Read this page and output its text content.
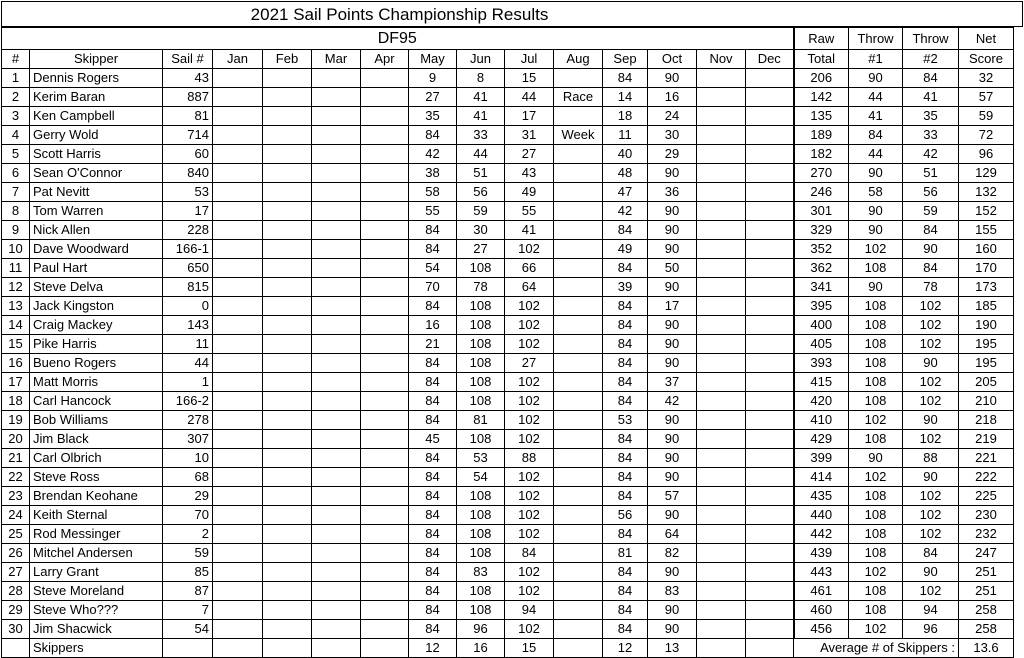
2021 Sail Points Championship Results
DF95															Raw	Throw	Throw	Net
#	Skipper	Sail #	Jan	Feb	Mar	Apr	May	Jun	Jul	Aug	Sep	Oct	Nov	Dec	Total	#1	#2	Score
1	Dennis Rogers	43					9	8	15		84	90			206	90	84	32
2	Kerim Baran	887					27	41	44	Race	14	16			142	44	41	57
3	Ken Campbell	81					35	41	17		18	24			135	41	35	59
4	Gerry Wold	714					84	33	31	Week	11	30			189	84	33	72
5	Scott Harris	60					42	44	27		40	29			182	44	42	96
6	Sean O'Connor	840					38	51	43		48	90			270	90	51	129
7	Pat Nevitt	53					58	56	49		47	36			246	58	56	132
8	Tom Warren	17					55	59	55		42	90			301	90	59	152
9	Nick Allen	228					84	30	41		84	90			329	90	84	155
10	Dave Woodward	166-1					84	27	102		49	90			352	102	90	160
11	Paul Hart	650					54	108	66		84	50			362	108	84	170
12	Steve Delva	815					70	78	64		39	90			341	90	78	173
13	Jack Kingston	0					84	108	102		84	17			395	108	102	185
14	Craig Mackey	143					16	108	102		84	90			400	108	102	190
15	Pike Harris	11					21	108	102		84	90			405	108	102	195
16	Bueno Rogers	44					84	108	27		84	90			393	108	90	195
17	Matt Morris	1					84	108	102		84	37			415	108	102	205
18	Carl Hancock	166-2					84	108	102		84	42			420	108	102	210
19	Bob Williams	278					84	81	102		53	90			410	102	90	218
20	Jim Black	307					45	108	102		84	90			429	108	102	219
21	Carl Olbrich	10					84	53	88		84	90			399	90	88	221
22	Steve Ross	68					84	54	102		84	90			414	102	90	222
23	Brendan Keohane	29					84	108	102		84	57			435	108	102	225
24	Keith Sternal	70					84	108	102		56	90			440	108	102	230
25	Rod Messinger	2					84	108	102		84	64			442	108	102	232
26	Mitchel Andersen	59					84	108	84		81	82			439	108	84	247
27	Larry Grant	85					84	83	102		84	90			443	102	90	251
28	Steve Moreland	87					84	108	102		84	83			461	108	102	251
29	Steve Who???	7					84	108	94		84	90			460	108	94	258
30	Jim Shacwick	54					84	96	102		84	90			456	102	96	258
	Skippers						12	16	15		12	13			Average # of Skippers :			13.6
